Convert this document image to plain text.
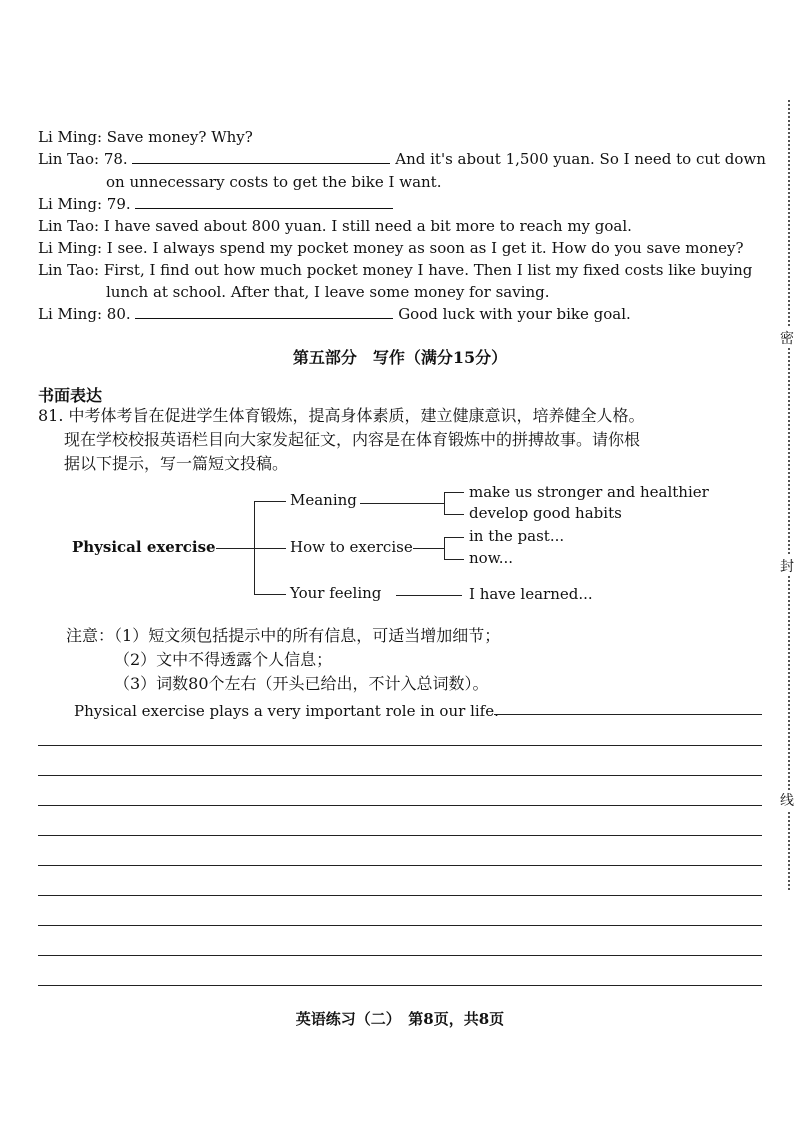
Li Ming: Save money? Why?
Lin Tao: 78.	And it's about 1,500 yuan. So I need to cut down
on unnecessary costs to get the bike I want.
Li Ming: 79.
Lin Tao: I have saved about 800 yuan. I still need a bit more to reach my goal.
Li Ming: I see. I always spend my pocket money as soon as I get it. How do you save money?
Lin Tao: First, I find out how much pocket money I have. Then I list my fixed costs like buying
lunch at school. After that, I leave some money for saving.
Li Ming: 80.	Good luck with your bike goal.
第五部分　写作（满分15分）
书面表达
81. 中考体考旨在促进学生体育锻炼，提高身体素质，建立健康意识，培养健全人格。
现在学校校报英语栏目向大家发起征文，内容是在体育锻炼中的拼搏故事。请你根
据以下提示，写一篇短文投稿。
Physical exercise
Meaning	make us stronger and healthier
develop good habits
How to exercise
in the past...
now...
Your feeling	I have learned...
注意：（1）短文须包括提示中的所有信息，可适当增加细节；
（2）文中不得透露个人信息；
（3）词数80个左右（开头已给出，不计入总词数）。
Physical exercise plays a very important role in our life.
英语练习（二）　第8页，共8页
密
封
线
